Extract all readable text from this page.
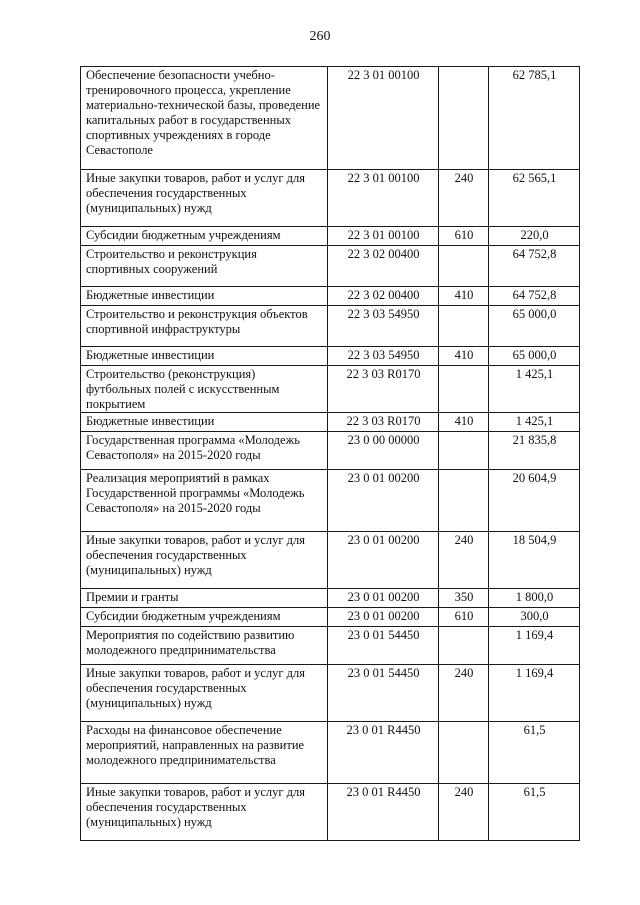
260
Обеспечение безопасности учебно-тренировочного процесса, укрепление материально-технической базы, проведение капитальных работ в государственных спортивных учреждениях в городе Севастополе	22 3 01 00100		62 785,1
Иные закупки товаров, работ и услуг для обеспечения государственных (муниципальных) нужд	22 3 01 00100	240	62 565,1
Субсидии бюджетным учреждениям	22 3 01 00100	610	220,0
Строительство и реконструкция спортивных сооружений	22 3 02 00400		64 752,8
Бюджетные инвестиции	22 3 02 00400	410	64 752,8
Строительство и реконструкция объектов спортивной инфраструктуры	22 3 03 54950		65 000,0
Бюджетные инвестиции	22 3 03 54950	410	65 000,0
Строительство (реконструкция) футбольных полей с искусственным покрытием	22 3 03 R0170		1 425,1
Бюджетные инвестиции	22 3 03 R0170	410	1 425,1
Государственная программа «Молодежь Севастополя» на 2015-2020 годы	23 0 00 00000		21 835,8
Реализация мероприятий в рамках Государственной программы «Молодежь Севастополя» на 2015-2020 годы	23 0 01 00200		20 604,9
Иные закупки товаров, работ и услуг для обеспечения государственных (муниципальных) нужд	23 0 01 00200	240	18 504,9
Премии и гранты	23 0 01 00200	350	1 800,0
Субсидии бюджетным учреждениям	23 0 01 00200	610	300,0
Мероприятия по содействию развитию молодежного предпринимательства	23 0 01 54450		1 169,4
Иные закупки товаров, работ и услуг для обеспечения государственных (муниципальных) нужд	23 0 01 54450	240	1 169,4
Расходы на финансовое обеспечение мероприятий, направленных на развитие молодежного предпринимательства	23 0 01 R4450		61,5
Иные закупки товаров, работ и услуг для обеспечения государственных (муниципальных) нужд	23 0 01 R4450	240	61,5
